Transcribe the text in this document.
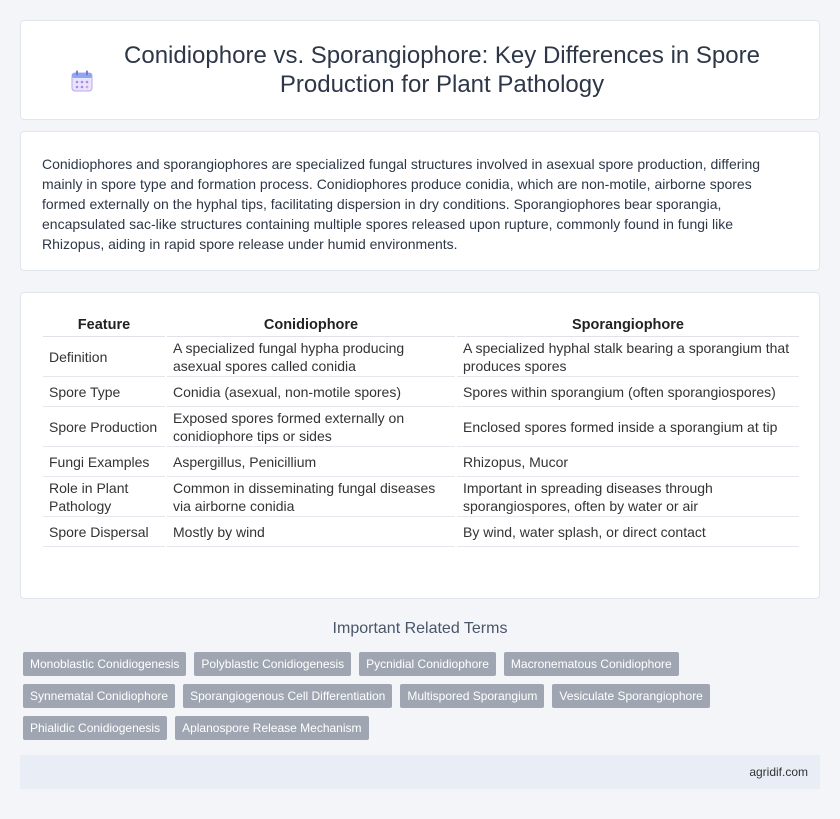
Conidiophore vs. Sporangiophore: Key Differences in Spore Production for Plant Pathology

Conidiophores and sporangiophores are specialized fungal structures involved in asexual spore production, differing mainly in spore type and formation process. Conidiophores produce conidia, which are non-motile, airborne spores formed externally on the hyphal tips, facilitating dispersion in dry conditions. Sporangiophores bear sporangia, encapsulated sac-like structures containing multiple spores released upon rupture, commonly found in fungi like Rhizopus, aiding in rapid spore release under humid environments.

Feature	Conidiophore	Sporangiophore
Definition	A specialized fungal hypha producing asexual spores called conidia	A specialized hyphal stalk bearing a sporangium that produces spores
Spore Type	Conidia (asexual, non-motile spores)	Spores within sporangium (often sporangiospores)
Spore Production	Exposed spores formed externally on conidiophore tips or sides	Enclosed spores formed inside a sporangium at tip
Fungi Examples	Aspergillus, Penicillium	Rhizopus, Mucor
Role in Plant Pathology	Common in disseminating fungal diseases via airborne conidia	Important in spreading diseases through sporangiospores, often by water or air
Spore Dispersal	Mostly by wind	By wind, water splash, or direct contact
Important Related Terms
Monoblastic Conidiogenesis	Polyblastic Conidiogenesis	Pycnidial Conidiophore	Macronematous Conidiophore
Synnematal Conidiophore	Sporangiogenous Cell Differentiation	Multispored Sporangium	Vesiculate Sporangiophore
Phialidic Conidiogenesis	Aplanospore Release Mechanism
agridif.com
